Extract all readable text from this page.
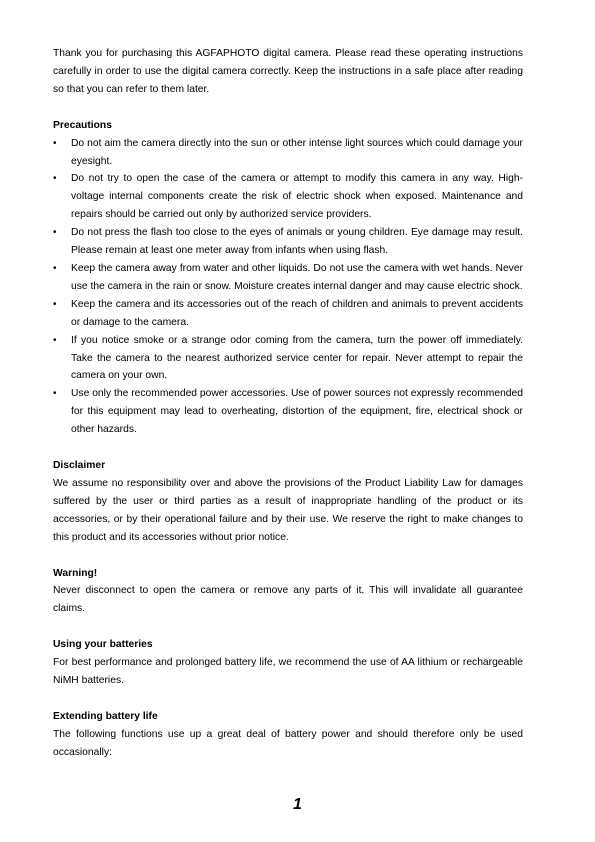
Thank you for purchasing this AGFAPHOTO digital camera. Please read these operating instructions carefully in order to use the digital camera correctly. Keep the instructions in a safe place after reading so that you can refer to them later.

Precautions

• Do not aim the camera directly into the sun or other intense light sources which could damage your eyesight.
• Do not try to open the case of the camera or attempt to modify this camera in any way. High-voltage internal components create the risk of electric shock when exposed. Maintenance and repairs should be carried out only by authorized service providers.
• Do not press the flash too close to the eyes of animals or young children. Eye damage may result. Please remain at least one meter away from infants when using flash.
• Keep the camera away from water and other liquids. Do not use the camera with wet hands. Never use the camera in the rain or snow. Moisture creates internal danger and may cause electric shock.
• Keep the camera and its accessories out of the reach of children and animals to prevent accidents or damage to the camera.
• If you notice smoke or a strange odor coming from the camera, turn the power off immediately. Take the camera to the nearest authorized service center for repair. Never attempt to repair the camera on your own.
• Use only the recommended power accessories. Use of power sources not expressly recommended for this equipment may lead to overheating, distortion of the equipment, fire, electrical shock or other hazards.

Disclaimer

We assume no responsibility over and above the provisions of the Product Liability Law for damages suffered by the user or third parties as a result of inappropriate handling of the product or its accessories, or by their operational failure and by their use. We reserve the right to make changes to this product and its accessories without prior notice.

Warning!

Never disconnect to open the camera or remove any parts of it. This will invalidate all guarantee claims.

Using your batteries

For best performance and prolonged battery life, we recommend the use of AA lithium or rechargeable NiMH batteries.

Extending battery life

The following functions use up a great deal of battery power and should therefore only be used occasionally:

1
